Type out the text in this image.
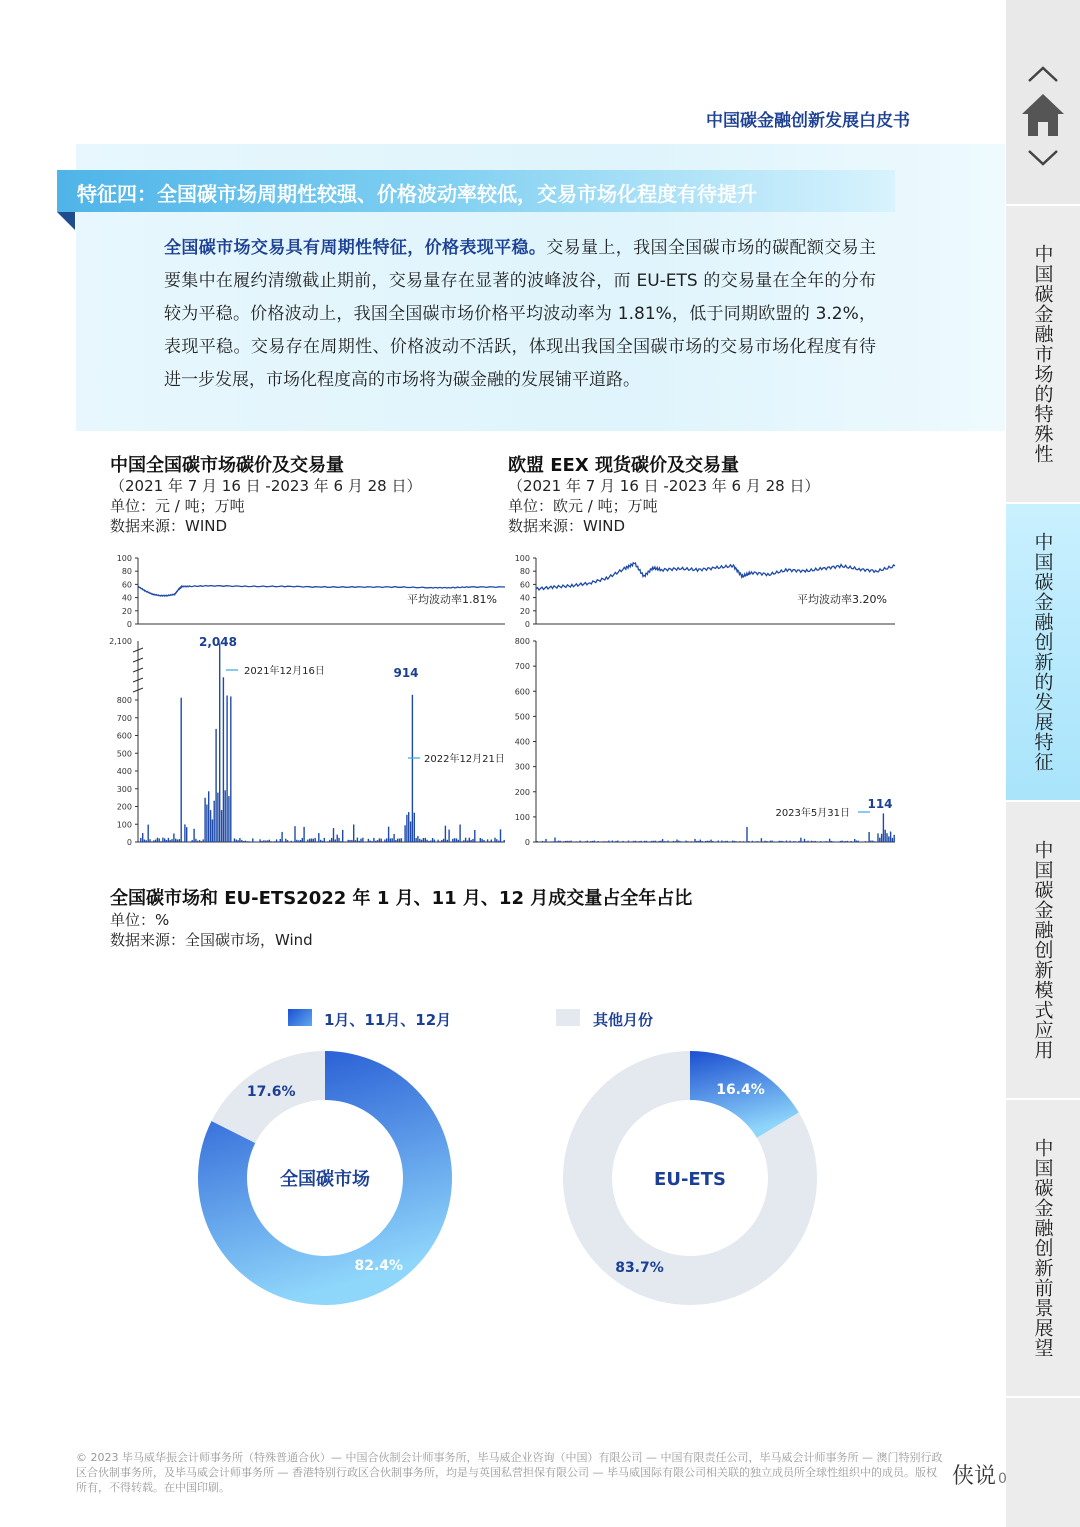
中国碳金融市场的特殊性
中国碳金融创新的发展特征
中国碳金融创新模式应用
中国碳金融创新前景展望
中国碳金融创新发展白皮书
特征四：全国碳市场周期性较强、价格波动率较低，交易市场化程度有待提升
全国碳市场交易具有周期性特征，价格表现平稳。交易量上，我国全国碳市场的碳配额交易主要集中在履约清缴截止期前，交易量存在显著的波峰波谷，而 EU-ETS 的交易量在全年的分布较为平稳。价格波动上，我国全国碳市场价格平均波动率为 1.81%，低于同期欧盟的 3.2%，表现平稳。交易存在周期性、价格波动不活跃，体现出我国全国碳市场的交易市场化程度有待进一步发展，市场化程度高的市场将为碳金融的发展铺平道路。
中国全国碳市场碳价及交易量
（2021 年 7 月 16 日 -2023 年 6 月 28 日）
单位：元 / 吨；万吨
数据来源：WIND
欧盟 EEX 现货碳价及交易量
（2021 年 7 月 16 日 -2023 年 6 月 28 日）
单位：欧元 / 吨；万吨
数据来源：WIND
0
20
40
60
80
100
平均波动率1.81%
0
20
40
60
80
100
平均波动率3.20%
0
100
200
300
400
500
600
700
800
2,100	2,048
2021年12月16日	914
2022年12月21日
0
100
200
300
400
500
600
700
800
114
2023年5月31日
全国碳市场和 EU-ETS2022 年 1 月、11 月、12 月成交量占全年占比
单位：%
数据来源：全国碳市场，Wind
1月、11月、12月	其他月份
82.4%
17.6%
全国碳市场
16.4%
83.7%
EU-ETS
© 2023 毕马威华振会计师事务所（特殊普通合伙）— 中国合伙制会计师事务所，毕马威企业咨询（中国）有限公司 — 中国有限责任公司，毕马威会计师事务所 — 澳门特别行政区合伙制事务所，及毕马威会计师事务所 — 香港特别行政区合伙制事务所，均是与英国私营担保有限公司 — 毕马威国际有限公司相关联的独立成员所全球性组织中的成员。版权所有，不得转载。在中国印刷。	侠说 0
